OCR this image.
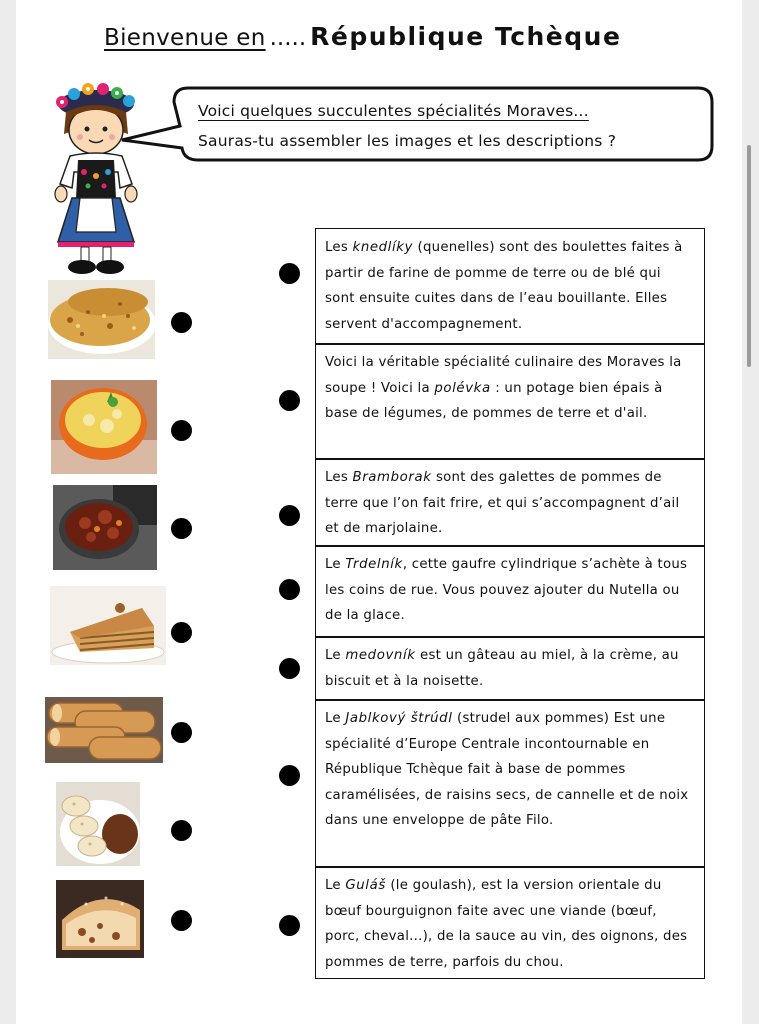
Bienvenue en ..... République Tchèque
Voici quelques succulentes spécialités Moraves...
Sauras-tu assembler les images et les descriptions ?
Les knedlíky (quenelles) sont des boulettes faites à partir de farine de pomme de terre ou de blé qui sont ensuite cuites dans de l’eau bouillante. Elles servent d'accompagnement.
Voici la véritable spécialité culinaire des Moraves la soupe ! Voici la polévka : un potage bien épais à base de légumes, de pommes de terre et d'ail.
Les Bramborak sont des galettes de pommes de terre que l’on fait frire, et qui s’accompagnent d’ail et de marjolaine.
Le Trdelník, cette gaufre cylindrique s’achète à tous les coins de rue. Vous pouvez ajouter du Nutella ou de la glace.
Le medovník est un gâteau au miel, à la crème, au biscuit et à la noisette.
Le Jablkový štrúdl (strudel aux pommes) Est une spécialité d’Europe Centrale incontournable en République Tchèque fait à base de pommes caramélisées, de raisins secs, de cannelle et de noix dans une enveloppe de pâte Filo.
Le Guláš (le goulash), est la version orientale du bœuf bourguignon faite avec une viande (bœuf, porc, cheval...), de la sauce au vin, des oignons, des pommes de terre, parfois du chou.
